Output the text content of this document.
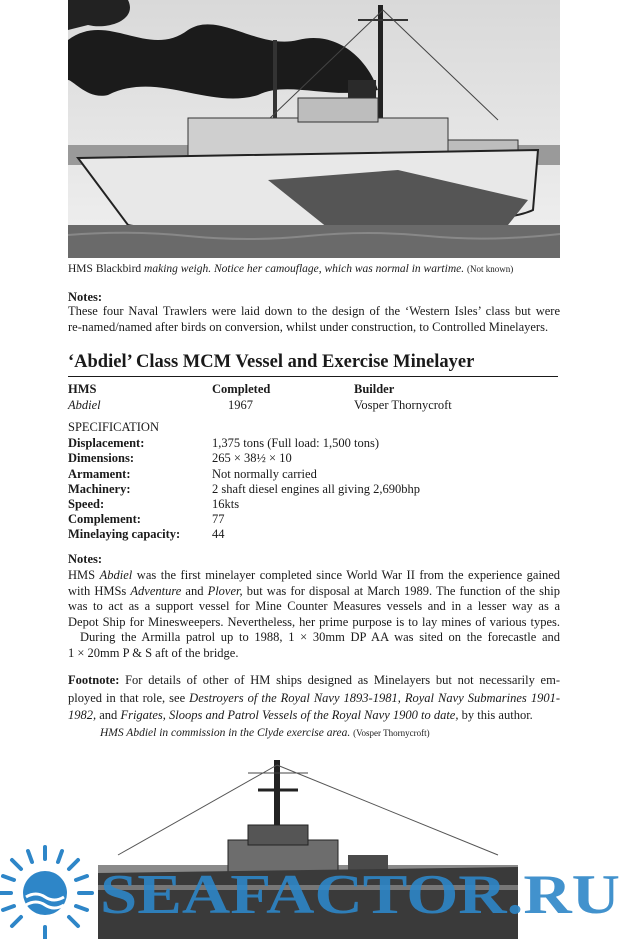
HMS Blackbird making weigh. Notice her camouflage, which was normal in wartime. (Not known)
Notes:
These four Naval Trawlers were laid down to the design of the ‘Western Isles’ class but were
re-named/named after birds on conversion, whilst under construction, to Controlled Minelayers.
‘Abdiel’ Class MCM Vessel and Exercise Minelayer
HMS	Completed	Builder
Abdiel	1967	Vosper Thornycroft
SPECIFICATION
Displacement:	1,375 tons (Full load: 1,500 tons)
Dimensions:	265 × 38½ × 10
Armament:	Not normally carried
Machinery:	2 shaft diesel engines all giving 2,690bhp
Speed:	16kts
Complement:	77
Minelaying capacity:	44
Notes:
HMS Abdiel was the first minelayer completed since World War II from the experience gained
with HMSs Adventure and Plover, but was for disposal at March 1989. The function of the ship
was to act as a support vessel for Mine Counter Measures vessels and in a lesser way as a
Depot Ship for Minesweepers. Nevertheless, her prime purpose is to lay mines of various types.
During the Armilla patrol up to 1988, 1 × 30mm DP AA was sited on the forecastle and
1 × 20mm P & S aft of the bridge.
Footnote: For details of other of HM ships designed as Minelayers but not necessarily em-
ployed in that role, see Destroyers of the Royal Navy 1893-1981, Royal Navy Submarines 1901-
1982, and Frigates, Sloops and Patrol Vessels of the Royal Navy 1900 to date, by this author.
HMS Abdiel in commission in the Clyde exercise area. (Vosper Thornycroft)
SEAFACTOR.RU
